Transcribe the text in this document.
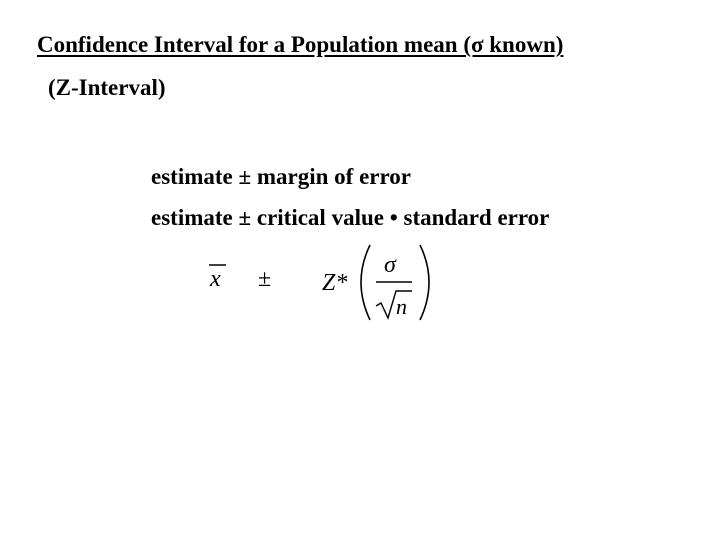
Confidence Interval for a Population mean (σ known)
(Z-Interval)
estimate ± margin of error
estimate ± critical value • standard error
x ± Z*
σ
n
